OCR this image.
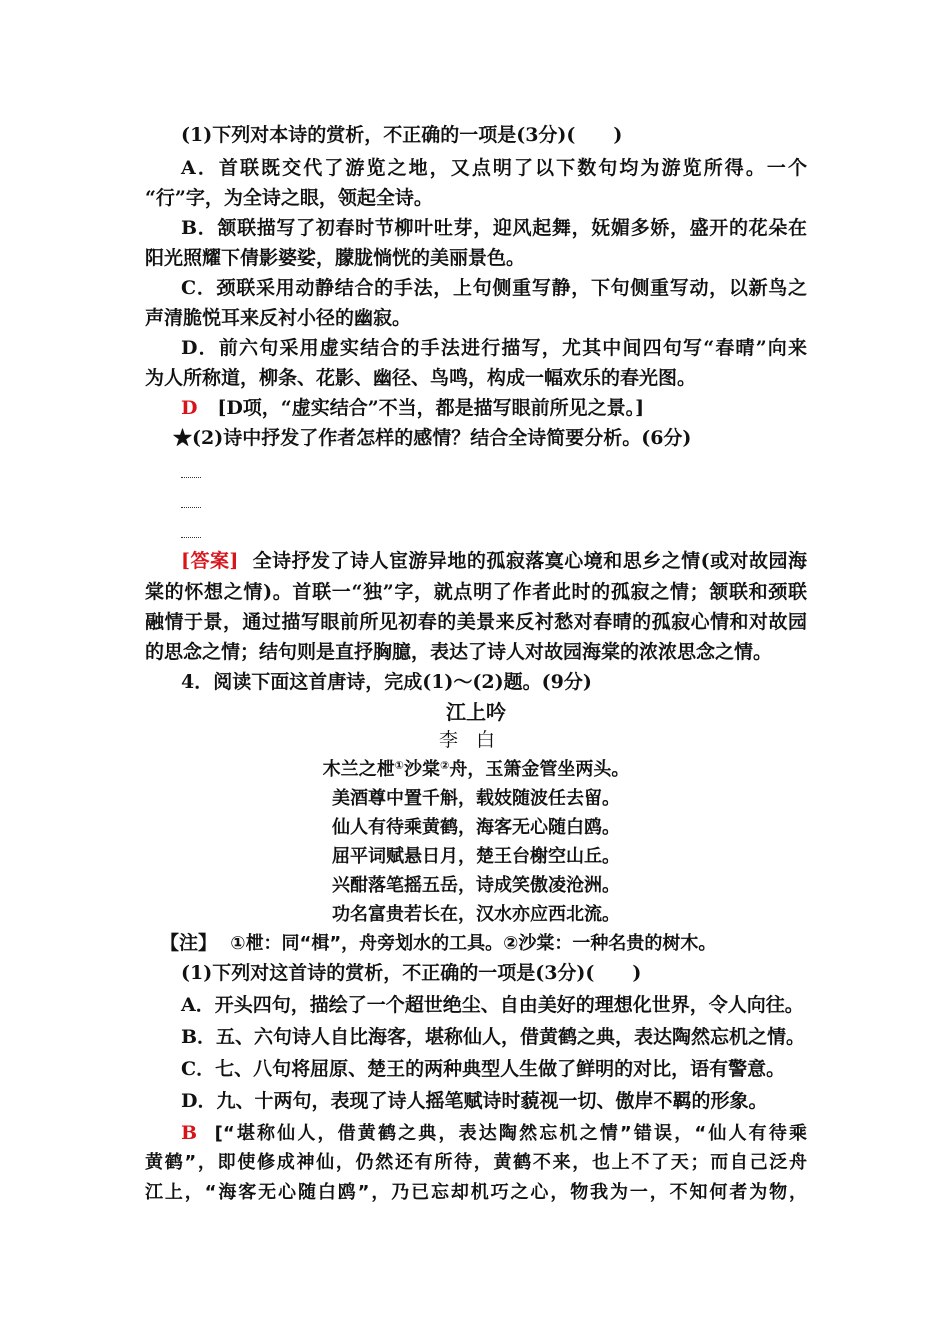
(1)下列对本诗的赏析，不正确的一项是(3分)(　　)
A．首联既交代了游览之地，又点明了以下数句均为游览所得。一个
“行”字，为全诗之眼，领起全诗。
B．颔联描写了初春时节柳叶吐芽，迎风起舞，妩媚多娇，盛开的花朵在
阳光照耀下倩影婆娑，朦胧惝恍的美丽景色。
C．颈联采用动静结合的手法，上句侧重写静，下句侧重写动，以新鸟之
声清脆悦耳来反衬小径的幽寂。
D．前六句采用虚实结合的手法进行描写，尤其中间四句写“春晴”向来
为人所称道，柳条、花影、幽径、鸟鸣，构成一幅欢乐的春光图。
D [D项，“虚实结合”不当，都是描写眼前所见之景。]
★(2)诗中抒发了作者怎样的感情？结合全诗简要分析。(6分)
[答案] 全诗抒发了诗人宦游异地的孤寂落寞心境和思乡之情(或对故园海
棠的怀想之情)。首联一“独”字，就点明了作者此时的孤寂之情；颔联和颈联
融情于景，通过描写眼前所见初春的美景来反衬愁对春晴的孤寂心情和对故园
的思念之情；结句则是直抒胸臆，表达了诗人对故园海棠的浓浓思念之情。
4．阅读下面这首唐诗，完成(1)～(2)题。(9分)
江上吟
李白
木兰之枻①沙棠②舟，玉箫金管坐两头。
美酒尊中置千斛，载妓随波任去留。
仙人有待乘黄鹤，海客无心随白鸥。
屈平词赋悬日月，楚王台榭空山丘。
兴酣落笔摇五岳，诗成笑傲凌沧洲。
功名富贵若长在，汉水亦应西北流。
【注】 ①枻：同“楫”，舟旁划水的工具。②沙棠：一种名贵的树木。
(1)下列对这首诗的赏析，不正确的一项是(3分)(　　)
A．开头四句，描绘了一个超世绝尘、自由美好的理想化世界，令人向往。
B．五、六句诗人自比海客，堪称仙人，借黄鹤之典，表达陶然忘机之情。
C．七、八句将屈原、楚王的两种典型人生做了鲜明的对比，语有警意。
D．九、十两句，表现了诗人摇笔赋诗时藐视一切、傲岸不羁的形象。
B [“堪称仙人，借黄鹤之典，表达陶然忘机之情”错误，“仙人有待乘
黄鹤”，即使修成神仙，仍然还有所待，黄鹤不来，也上不了天；而自己泛舟
江上，“海客无心随白鸥”，乃已忘却机巧之心，物我为一，不知何者为物，
